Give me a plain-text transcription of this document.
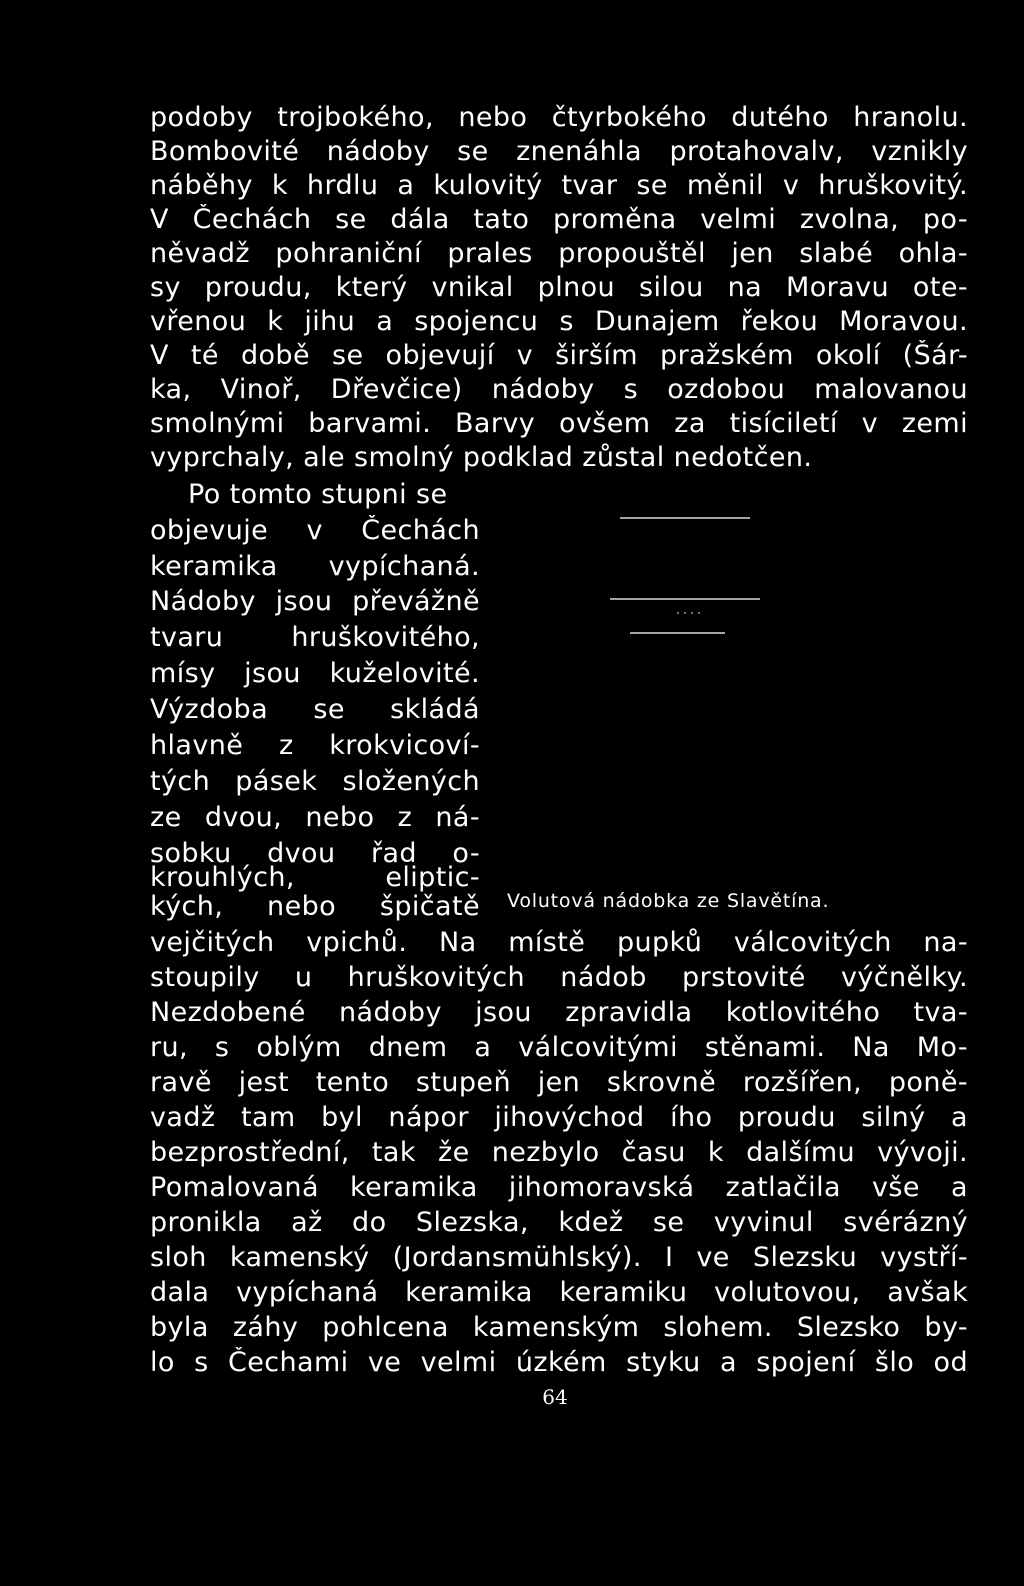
podoby trojbokého, nebo čtyrbokého dutého hranolu.
Bombovité nádoby se znenáhla protahovalv, vznikly
náběhy k hrdlu a kulovitý tvar se měnil v hruškovitý.
V Čechách se dála tato proměna velmi zvolna, po-
něvadž pohraniční prales propouštěl jen slabé ohla-
sy proudu, který vnikal plnou silou na Moravu ote-
vřenou k jihu a spojencu s Dunajem řekou Moravou.
V té době se objevují v širším pražském okolí (Šár-
ka, Vinoř, Dřevčice) nádoby s ozdobou malovanou
smolnými barvami. Barvy ovšem za tisíciletí v zemi
vyprchaly, ale smolný podklad zůstal nedotčen.
Po tomto stupni se
objevuje v Čechách
keramika vypíchaná.
Nádoby jsou převážně
tvaru hruškovitého,
mísy jsou kuželovité.
Výzdoba se skládá
hlavně z krokvicoví-
tých pásek složených
ze dvou, nebo z ná-
sobku dvou řad o-
krouhlých, eliptic-
kých, nebo špičatě Volutová nádobka ze Slavětína.
vejčitých vpichů. Na místě pupků válcovitých na-
stoupily u hruškovitých nádob prstovité výčnělky.
Nezdobené nádoby jsou zpravidla kotlovitého tva-
ru, s oblým dnem a válcovitými stěnami. Na Mo-
ravě jest tento stupeň jen skrovně rozšířen, poně-
vadž tam byl nápor jihovýchod ího proudu silný a
bezprostřední, tak že nezbylo času k dalšímu vývoji.
Pomalovaná keramika jihomoravská zatlačila vše a
pronikla až do Slezska, kdež se vyvinul svérázný
sloh kamenský (Jordansmühlský). I ve Slezsku vystří-
dala vypíchaná keramika keramiku volutovou, avšak
byla záhy pohlcena kamenským slohem. Slezsko by-
lo s Čechami ve velmi úzkém styku a spojení šlo od
64
